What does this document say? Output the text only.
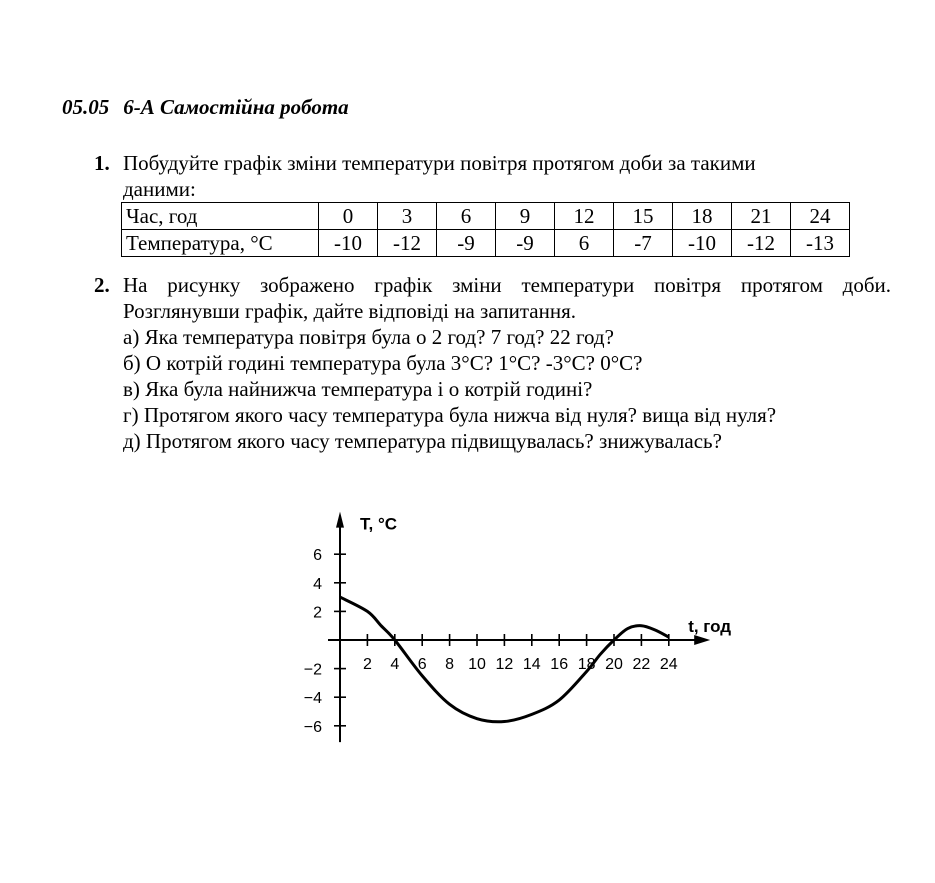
05.05 6-А Самостійна робота
1. Побудуйте графік зміни температури повітря протягом доби за такими
даними:
Час, год	0	3	6	9	12	15	18	21	24
Температура, °C	-10	-12	-9	-9	6	-7	-10	-12	-13
2. На рисунку зображено графік зміни температури повітря протягом доби.
Розглянувши графік, дайте відповіді на запитання.
а) Яка температура повітря була о 2 год? 7 год? 22 год?
б) О котрій годині температура була 3°C? 1°C? -3°C? 0°C?
в) Яка була найнижча температура і о котрій годині?
г) Протягом якого часу температура була нижча від нуля? вища від нуля?
д) Протягом якого часу температура підвищувалась? знижувалась?
2 4 6 8 10 12 14 16 18 20 22 24
6
4
2
−2
−4
−6
T, °C
t, год
